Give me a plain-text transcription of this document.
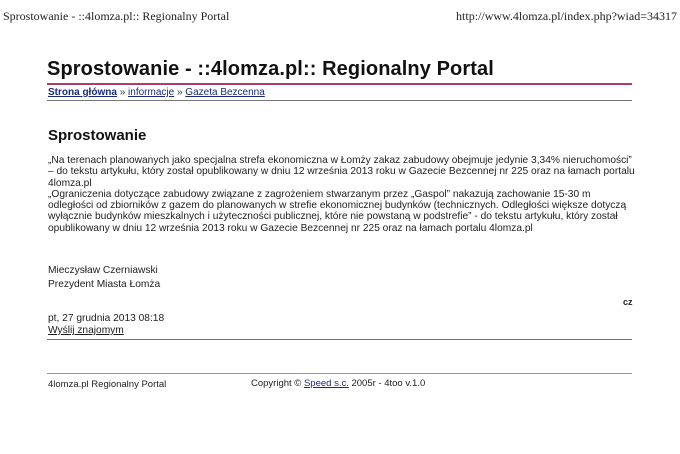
Sprostowanie - ::4lomza.pl:: Regionalny Portal	http://www.4lomza.pl/index.php?wiad=34317
Sprostowanie - ::4lomza.pl:: Regionalny Portal
Strona główna » informacje » Gazeta Bezcenna
Sprostowanie

„Na terenach planowanych jako specjalna strefa ekonomiczna w Łomży zakaz zabudowy obejmuje jedynie 3,34% nieruchomości” – do tekstu artykułu, który został opublikowany w dniu 12 września 2013 roku w Gazecie Bezcennej nr 225 oraz na łamach portalu 4lomza.pl

„Ograniczenia dotyczące zabudowy związane z zagrożeniem stwarzanym przez „Gaspol” nakazują zachowanie 15-30 m odległości od zbiorników z gazem do planowanych w strefie ekonomicznej budynków (technicznych. Odległości większe dotyczą wyłącznie budynków mieszkalnych i użyteczności publicznej, które nie powstaną w podstrefie” - do tekstu artykułu, który został opublikowany w dniu 12 września 2013 roku w Gazecie Bezcennej nr 225 oraz na łamach portalu 4lomza.pl

Mieczysław Czerniawski
Prezydent Miasta Łomża
cz
pt, 27 grudnia 2013 08:18
Wyślij znajomym
4lomza.pl Regionalny Portal	Copyright © Speed s.c. 2005r - 4too v.1.0
